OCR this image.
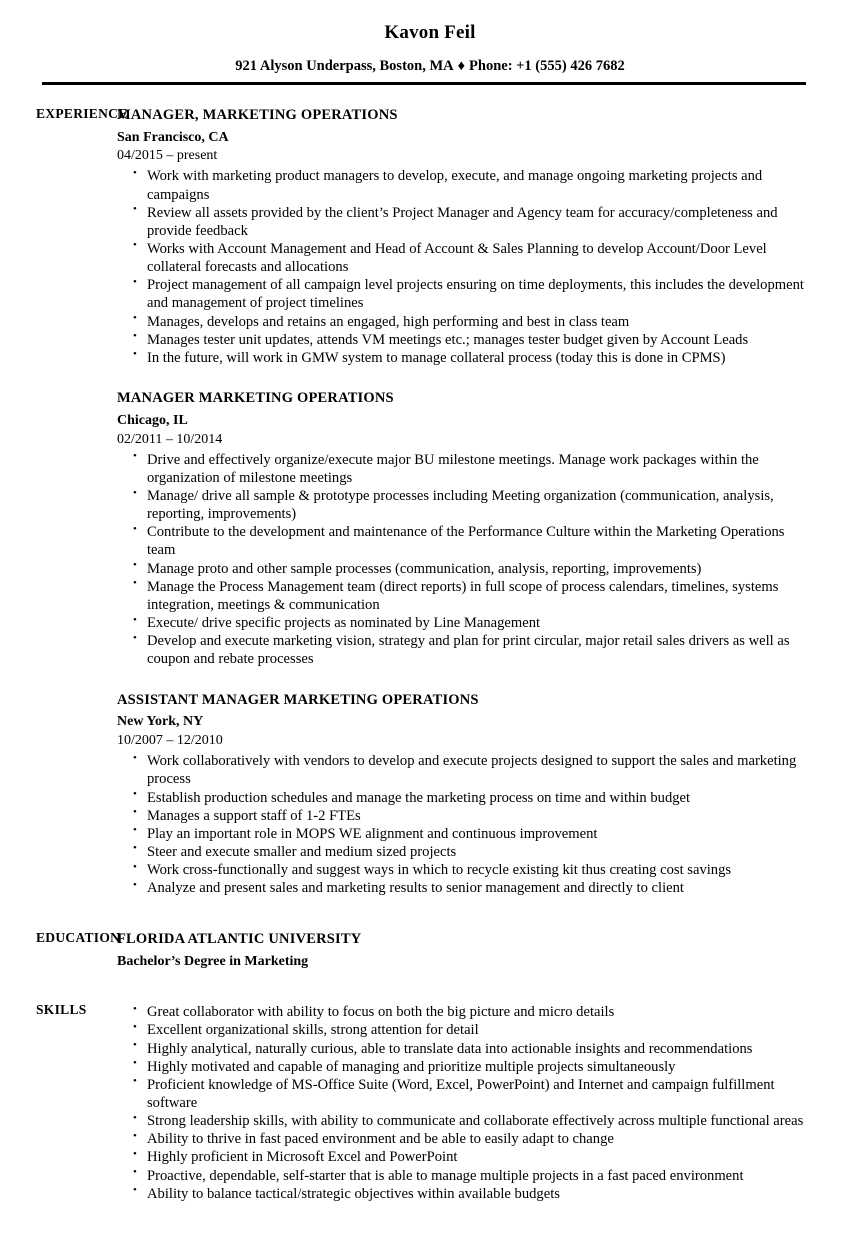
Kavon Feil
921 Alyson Underpass, Boston, MA ♦ Phone: +1 (555) 426 7682
EXPERIENCE
MANAGER, MARKETING OPERATIONS
San Francisco, CA
04/2015 – present
• Work with marketing product managers to develop, execute, and manage ongoing marketing projects and campaigns
• Review all assets provided by the client’s Project Manager and Agency team for accuracy/completeness and provide feedback
• Works with Account Management and Head of Account & Sales Planning to develop Account/Door Level collateral forecasts and allocations
• Project management of all campaign level projects ensuring on time deployments, this includes the development and management of project timelines
• Manages, develops and retains an engaged, high performing and best in class team
• Manages tester unit updates, attends VM meetings etc.; manages tester budget given by Account Leads
• In the future, will work in GMW system to manage collateral process (today this is done in CPMS)
MANAGER MARKETING OPERATIONS
Chicago, IL
02/2011 – 10/2014
• Drive and effectively organize/execute major BU milestone meetings. Manage work packages within the organization of milestone meetings
• Manage/ drive all sample & prototype processes including Meeting organization (communication, analysis, reporting, improvements)
• Contribute to the development and maintenance of the Performance Culture within the Marketing Operations team
• Manage proto and other sample processes (communication, analysis, reporting, improvements)
• Manage the Process Management team (direct reports) in full scope of process calendars, timelines, systems integration, meetings & communication
• Execute/ drive specific projects as nominated by Line Management
• Develop and execute marketing vision, strategy and plan for print circular, major retail sales drivers as well as coupon and rebate processes
ASSISTANT MANAGER MARKETING OPERATIONS
New York, NY
10/2007 – 12/2010
• Work collaboratively with vendors to develop and execute projects designed to support the sales and marketing process
• Establish production schedules and manage the marketing process on time and within budget
• Manages a support staff of 1-2 FTEs
• Play an important role in MOPS WE alignment and continuous improvement
• Steer and execute smaller and medium sized projects
• Work cross-functionally and suggest ways in which to recycle existing kit thus creating cost savings
• Analyze and present sales and marketing results to senior management and directly to client
EDUCATION
FLORIDA ATLANTIC UNIVERSITY
Bachelor’s Degree in Marketing
SKILLS	• Great collaborator with ability to focus on both the big picture and micro details
• Excellent organizational skills, strong attention for detail
• Highly analytical, naturally curious, able to translate data into actionable insights and recommendations
• Highly motivated and capable of managing and prioritize multiple projects simultaneously
• Proficient knowledge of MS-Office Suite (Word, Excel, PowerPoint) and Internet and campaign fulfillment software
• Strong leadership skills, with ability to communicate and collaborate effectively across multiple functional areas
• Ability to thrive in fast paced environment and be able to easily adapt to change
• Highly proficient in Microsoft Excel and PowerPoint
• Proactive, dependable, self-starter that is able to manage multiple projects in a fast paced environment
• Ability to balance tactical/strategic objectives within available budgets
